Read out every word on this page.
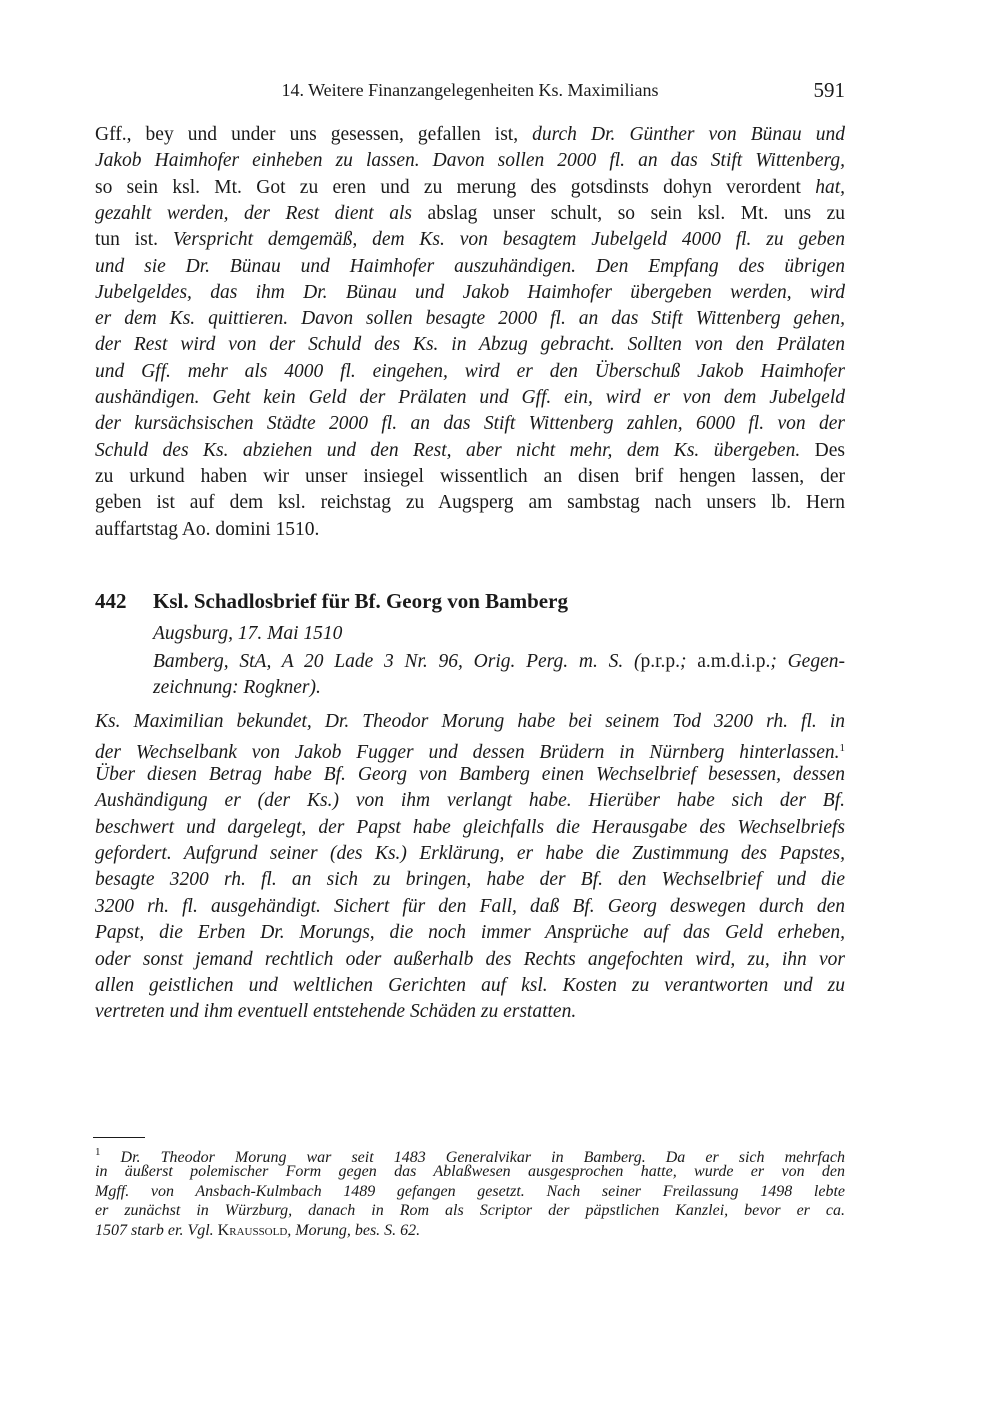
14. Weitere Finanzangelegenheiten Ks. Maximilians	591
Gff., bey und under uns gesessen, gefallen ist, durch Dr. Günther von Bünau und
Jakob Haimhofer einheben zu lassen. Davon sollen 2000 fl. an das Stift Wittenberg,
so sein ksl. Mt. Got zu eren und zu merung des gotsdinsts dohyn verordent hat,
gezahlt werden, der Rest dient als abslag unser schult, so sein ksl. Mt. uns zu
tun ist. Verspricht demgemäß, dem Ks. von besagtem Jubelgeld 4000 fl. zu geben
und sie Dr. Bünau und Haimhofer auszuhändigen. Den Empfang des übrigen
Jubelgeldes, das ihm Dr. Bünau und Jakob Haimhofer übergeben werden, wird
er dem Ks. quittieren. Davon sollen besagte 2000 fl. an das Stift Wittenberg gehen,
der Rest wird von der Schuld des Ks. in Abzug gebracht. Sollten von den Prälaten
und Gff. mehr als 4000 fl. eingehen, wird er den Überschuß Jakob Haimhofer
aushändigen. Geht kein Geld der Prälaten und Gff. ein, wird er von dem Jubelgeld
der kursächsischen Städte 2000 fl. an das Stift Wittenberg zahlen, 6000 fl. von der
Schuld des Ks. abziehen und den Rest, aber nicht mehr, dem Ks. übergeben. Des
zu urkund haben wir unser insiegel wissentlich an disen brif hengen lassen, der
geben ist auf dem ksl. reichstag zu Augsperg am sambstag nach unsers lb. Hern
auffartstag Ao. domini 1510.
442 Ksl. Schadlosbrief für Bf. Georg von Bamberg
Augsburg, 17. Mai 1510
Bamberg, StA, A 20 Lade 3 Nr. 96, Orig. Perg. m. S. (p.r.p.; a.m.d.i.p.; Gegen-
zeichnung: Rogkner).
Ks. Maximilian bekundet, Dr. Theodor Morung habe bei seinem Tod 3200 rh. fl. in
der Wechselbank von Jakob Fugger und dessen Brüdern in Nürnberg hinterlassen.$^1$
Über diesen Betrag habe Bf. Georg von Bamberg einen Wechselbrief besessen, dessen
Aushändigung er (der Ks.) von ihm verlangt habe. Hierüber habe sich der Bf.
beschwert und dargelegt, der Papst habe gleichfalls die Herausgabe des Wechselbriefs
gefordert. Aufgrund seiner (des Ks.) Erklärung, er habe die Zustimmung des Papstes,
besagte 3200 rh. fl. an sich zu bringen, habe der Bf. den Wechselbrief und die
3200 rh. fl. ausgehändigt. Sichert für den Fall, daß Bf. Georg deswegen durch den
Papst, die Erben Dr. Morungs, die noch immer Ansprüche auf das Geld erheben,
oder sonst jemand rechtlich oder außerhalb des Rechts angefochten wird, zu, ihn vor
allen geistlichen und weltlichen Gerichten auf ksl. Kosten zu verantworten und zu
vertreten und ihm eventuell entstehende Schäden zu erstatten.
$^1$ Dr. Theodor Morung war seit 1483 Generalvikar in Bamberg. Da er sich mehrfach
in äußerst polemischer Form gegen das Ablaßwesen ausgesprochen hatte, wurde er von den
Mgff. von Ansbach-Kulmbach 1489 gefangen gesetzt. Nach seiner Freilassung 1498 lebte
er zunächst in Würzburg, danach in Rom als Scriptor der päpstlichen Kanzlei, bevor er ca.
1507 starb er. Vgl. Kraussold, Morung, bes. S. 62.
